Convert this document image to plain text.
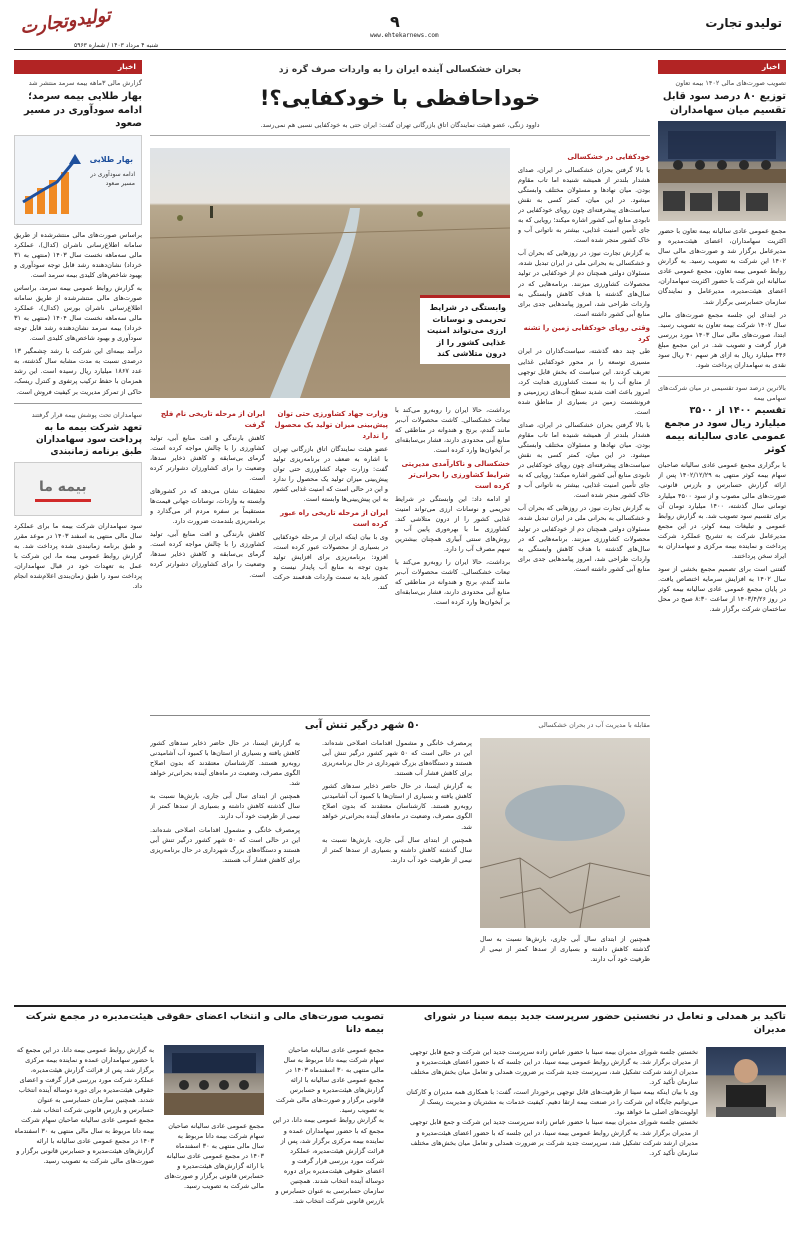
تولیدوتجارت
شنبه ۴ مرداد ۱۴۰۳ / شماره ۵۹۶۳
۹
www.ehtekarnews.com
تولیدو تجارت
اخبار
تصویب صورت‌های مالی ۱۴۰۲ بیمه تعاون
توزیع ۸۰ درصد سود قابل تقسیم میان سهامداران

مجمع عمومی عادی سالیانه بیمه تعاون با حضور اکثریت سهامداران، اعضای هیئت‌مدیره و مدیرعامل برگزار شد و صورت‌های مالی سال ۱۴۰۲ این شرکت به تصویب رسید. به گزارش روابط عمومی بیمه تعاون، مجمع عمومی عادی سالیانه این شرکت با حضور اکثریت سهامداران، اعضای هیئت‌مدیره، مدیرعامل و نمایندگان سازمان حسابرسی برگزار شد.

در ابتدای این جلسه مجمع صورت‌های مالی سال ۱۴۰۲ شرکت بیمه تعاون به تصویب رسید. ابتدا، صورت‌های مالی سال ۱۴۰۳ مورد بررسی قرار گرفت و تصویب شد. در این مجمع مبلغ ۴۴۶ میلیارد ریال به ازای هر سهم ۴۰ ریال سود نقدی به سهامداران پرداخت شود.

بالاترین درصد سود تقسیمی در میان شرکت‌های سهامی بیمه
تقسیم ۱۴۰۰ از ۳۵۰۰ میلیارد ریال سود در مجمع عمومی عادی سالیانه بیمه کوثر

با برگزاری مجمع عمومی عادی سالیانه صاحبان سهام بیمه کوثر منتهی به ۱۴۰۲/۱۲/۲۹ پس از ارائه گزارش حسابرس و بازرس قانونی، صورت‌های مالی مصوب و از سود ۴۵۰۰ میلیارد تومانی سال گذشته، ۱۴۰۰ میلیارد تومان آن برای تقسیم سود تصویب شد. به گزارش روابط عمومی و تبلیغات بیمه کوثر، در این مجمع مدیرعامل شرکت به تشریح عملکرد شرکت پرداخت و نماینده بیمه مرکزی و سهامداران به ایراد سخن پرداختند.

گفتنی است برای تصمیم مجمع بخشی از سود سال ۱۴۰۲ به افزایش سرمایه اختصاص یافت. در پایان مجمع عمومی عادی سالیانه بیمه کوثر در روز ۱۴۰۳/۴/۲۶ از ساعت ۸:۳۰ صبح در محل ساختمان شرکت برگزار شد.

اخبار
گزارش مالی ۳ماهه بیمه سرمد منتشر شد
بهار طلایی بیمه سرمد؛ ادامه سودآوری در مسیر صعود
بهار طلایی
ادامه سودآوری در مسیر صعود

براساس صورت‌های مالی منتشرشده از طریق سامانه اطلاع‌رسانی ناشران (کدال)، عملکرد مالی سه‌ماهه نخست سال ۱۴۰۳ (منتهی به ۳۱ خرداد) نشان‌دهنده رشد قابل توجه سودآوری و بهبود شاخص‌های کلیدی بیمه سرمد است.

به گزارش روابط عمومی بیمه سرمد، براساس صورت‌های مالی منتشرشده از طریق سامانه اطلاع‌رسانی ناشران بورس (کدال)، عملکرد مالی سه‌ماهه نخست سال ۱۴۰۴ (منتهی به ۳۱ خرداد) بیمه سرمد نشان‌دهنده رشد قابل توجه سودآوری و بهبود شاخص‌های کلیدی است.

درآمد بیمه‌ای این شرکت با رشد چشمگیر ۱۳ درصدی نسبت به مدت مشابه سال گذشته، به عدد ۱۸۶۷ میلیارد ریال رسیده است. این رشد همزمان با حفظ ترکیب پرتفوی و کنترل ریسک، حاکی از تمرکز مدیریت بر کیفیت فروش است.

سهامداران تحت پوشش بیمه قرار گرفتند
تعهد شرکت بیمه ما به پرداخت سود سهامداران طبق برنامه زمانبندی
بیمه ما

سود سهامداران شرکت بیمه ما برای عملکرد سال مالی منتهی به اسفند ۱۴۰۳ در موعد مقرر و طبق برنامه زمانبندی شده پرداخت شد. به گزارش روابط عمومی بیمه ما، این شرکت با عمل به تعهدات خود در قبال سهامداران، پرداخت سود را طبق زمان‌بندی اعلام‌شده انجام داد.

بحران خشکسالی آینده ایران را به واردات صرف گره زد
خوداحافظی با خودکفایی؟!
داوود زنگی، عضو هیئت نمایندگان اتاق بازرگانی تهران گفت: ایران حتی به خودکفایی نسبی هم نمی‌رسد.
وابستگی در شرایط تحریمی و نوسانات ارزی می‌تواند امنیت غذایی کشور را از درون متلاشی کند
خودکفایی در خشکسالی

با بالا گرفتن بحران خشکسالی در ایران، صدای هشدار بلندتر از همیشه شنیده اما تاب مقاوم بودن. میان نهادها و مسئولان مختلف وابستگی میشود. در این میان، کمتر کسی به نقش سیاست‌های پیشرفته‌ای چون رویای خودکفایی در نابودی منابع آبی کشور اشاره میکند؛ رویایی که به جای تأمین امنیت غذایی، بیشتر به ناتوانی آب و خاک کشور منجر شده است.

به گزارش تجارت نیوز، در روزهایی که بحران آب و خشکسالی به بحرانی ملی در ایران تبدیل شده، مسئولان دولتی همچنان دم از خودکفایی در تولید محصولات کشاورزی میزنند. برنامه‌هایی که در سال‌های گذشته با هدف کاهش وابستگی به واردات طراحی شد، امروز پیامدهایی جدی برای منابع آبی کشور داشته است.

وقتی رویای خودکفایی زمین را تشنه کرد

طی چند دهه گذشته، سیاست‌گذاران در ایران مسیری توسعه را بر محور خودکفایی غذایی تعریف کردند. این سیاست که بخش قابل توجهی از منابع آب را به سمت کشاورزی هدایت کرد، امروز باعث افت شدید سطح آب‌های زیرزمینی و فرونشست زمین در بسیاری از مناطق شده است.

با بالا گرفتن بحران خشکسالی در ایران، صدای هشدار بلندتر از همیشه شنیده اما تاب مقاوم بودن. میان نهادها و مسئولان مختلف وابستگی میشود. در این میان، کمتر کسی به نقش سیاست‌های پیشرفته‌ای چون رویای خودکفایی در نابودی منابع آبی کشور اشاره میکند؛ رویایی که به جای تأمین امنیت غذایی، بیشتر به ناتوانی آب و خاک کشور منجر شده است.

به گزارش تجارت نیوز، در روزهایی که بحران آب و خشکسالی به بحرانی ملی در ایران تبدیل شده، مسئولان دولتی همچنان دم از خودکفایی در تولید محصولات کشاورزی میزنند. برنامه‌هایی که در سال‌های گذشته با هدف کاهش وابستگی به واردات طراحی شد، امروز پیامدهایی جدی برای منابع آبی کشور داشته است.

برداشت، حالا ایران را روبه‌رو می‌کند با تبعات خشکسالی. کاشت محصولات آب‌بر مانند گندم، برنج و هندوانه در مناطقی که منابع آبی محدودی دارند، فشار بی‌سابقه‌ای بر آبخوان‌ها وارد کرده است.

خشکسالی و ناکارآمدی مدیریتی شرایط کشاورزی را بحرانی‌تر کرده است

او ادامه داد: این وابستگی در شرایط تحریمی و نوسانات ارزی می‌تواند امنیت غذایی کشور را از درون متلاشی کند. کشاورزی ما با بهره‌وری پایین آب و روش‌های سنتی آبیاری همچنان بیشترین سهم مصرف آب را دارد.

برداشت، حالا ایران را روبه‌رو می‌کند با تبعات خشکسالی. کاشت محصولات آب‌بر مانند گندم، برنج و هندوانه در مناطقی که منابع آبی محدودی دارند، فشار بی‌سابقه‌ای بر آبخوان‌ها وارد کرده است.

وزارت جهاد کشاورزی حتی توان پیش‌بینی میزان تولید یک محصول را ندارد

عضو هیئت نمایندگان اتاق بازرگانی تهران با اشاره به ضعف در برنامه‌ریزی تولید گفت: وزارت جهاد کشاورزی حتی توان پیش‌بینی میزان تولید یک محصول را ندارد و این در حالی است که امنیت غذایی کشور به این پیش‌بینی‌ها وابسته است.

ایران از مرحله تاریخی راه عبور کرده است

وی با بیان اینکه ایران از مرحله خودکفایی در بسیاری از محصولات عبور کرده است، افزود: برنامه‌ریزی برای افزایش تولید بدون توجه به منابع آب پایدار نیست و کشور باید به سمت واردات هدفمند حرکت کند.

ایران از مرحله تاریخی نام فلج گرفت

کاهش بارندگی و افت منابع آبی، تولید کشاورزی را با چالش مواجه کرده است. گرمای بی‌سابقه و کاهش ذخایر سدها، وضعیت را برای کشاورزان دشوارتر کرده است.

تحقیقات نشان می‌دهد که در کشورهای وابسته به واردات، نوسانات جهانی قیمت‌ها مستقیماً بر سفره مردم اثر می‌گذارد و برنامه‌ریزی بلندمدت ضرورت دارد.

کاهش بارندگی و افت منابع آبی، تولید کشاورزی را با چالش مواجه کرده است. گرمای بی‌سابقه و کاهش ذخایر سدها، وضعیت را برای کشاورزان دشوارتر کرده است.

مقابله با مدیریت آب در بحران خشکسالی
۵۰ شهر درگیر تنش آبی

پرمصرف خانگی و مشمول اقدامات اصلاحی شده‌اند. این در حالی است که ۵۰ شهر کشور درگیر تنش آبی هستند و دستگاه‌های بزرگ شهرداری در حال برنامه‌ریزی برای کاهش فشار آب هستند.

به گزارش ایسنا، در حال حاضر ذخایر سدهای کشور کاهش یافته و بسیاری از استان‌ها با کمبود آب آشامیدنی روبه‌رو هستند. کارشناسان معتقدند که بدون اصلاح الگوی مصرف، وضعیت در ماه‌های آینده بحرانی‌تر خواهد شد.

همچنین از ابتدای سال آبی جاری، بارش‌ها نسبت به سال گذشته کاهش داشته و بسیاری از سدها کمتر از نیمی از ظرفیت خود آب دارند.

به گزارش ایسنا، در حال حاضر ذخایر سدهای کشور کاهش یافته و بسیاری از استان‌ها با کمبود آب آشامیدنی روبه‌رو هستند. کارشناسان معتقدند که بدون اصلاح الگوی مصرف، وضعیت در ماه‌های آینده بحرانی‌تر خواهد شد.

همچنین از ابتدای سال آبی جاری، بارش‌ها نسبت به سال گذشته کاهش داشته و بسیاری از سدها کمتر از نیمی از ظرفیت خود آب دارند.

پرمصرف خانگی و مشمول اقدامات اصلاحی شده‌اند. این در حالی است که ۵۰ شهر کشور درگیر تنش آبی هستند و دستگاه‌های بزرگ شهرداری در حال برنامه‌ریزی برای کاهش فشار آب هستند.

همچنین از ابتدای سال آبی جاری، بارش‌ها نسبت به سال گذشته کاهش داشته و بسیاری از سدها کمتر از نیمی از ظرفیت خود آب دارند.

تأکید بر همدلی و تعامل در نخستین حضور سرپرست جدید بیمه سینا در شورای مدیران

نخستین جلسه شورای مدیران بیمه سینا با حضور عباس زاده سرپرست جدید این شرکت و جمع قابل توجهی از مدیران برگزار شد. به گزارش روابط عمومی بیمه سینا، در این جلسه که با حضور اعضای هیئت‌مدیره و مدیران ارشد شرکت تشکیل شد، سرپرست جدید شرکت بر ضرورت همدلی و تعامل میان بخش‌های مختلف سازمان تأکید کرد.

وی با بیان اینکه بیمه سینا از ظرفیت‌های قابل توجهی برخوردار است، گفت: با همکاری همه مدیران و کارکنان می‌توانیم جایگاه این شرکت را در صنعت بیمه ارتقا دهیم. کیفیت خدمات به مشتریان و مدیریت ریسک از اولویت‌های اصلی ما خواهد بود.

نخستین جلسه شورای مدیران بیمه سینا با حضور عباس زاده سرپرست جدید این شرکت و جمع قابل توجهی از مدیران برگزار شد. به گزارش روابط عمومی بیمه سینا، در این جلسه که با حضور اعضای هیئت‌مدیره و مدیران ارشد شرکت تشکیل شد، سرپرست جدید شرکت بر ضرورت همدلی و تعامل میان بخش‌های مختلف سازمان تأکید کرد.

تصویب صورت‌های مالی و انتخاب اعضای حقوقی هیئت‌مدیره در مجمع شرکت بیمه دانا

مجمع عمومی عادی سالیانه صاحبان سهام شرکت بیمه دانا مربوط به سال مالی منتهی به ۳۰ اسفندماه ۱۴۰۳ در مجمع عمومی عادی سالیانه با ارائه گزارش‌های هیئت‌مدیره و حسابرس قانونی برگزار و صورت‌های مالی شرکت به تصویب رسید.

به گزارش روابط عمومی بیمه دانا، در این مجمع که با حضور سهامداران عمده و نماینده بیمه مرکزی برگزار شد، پس از قرائت گزارش هیئت‌مدیره، عملکرد شرکت مورد بررسی قرار گرفت و اعضای حقوقی هیئت‌مدیره برای دوره دوساله آینده انتخاب شدند. همچنین سازمان حسابرسی به عنوان حسابرس و بازرس قانونی شرکت انتخاب شد.

به گزارش روابط عمومی بیمه دانا، در این مجمع که با حضور سهامداران عمده و نماینده بیمه مرکزی برگزار شد، پس از قرائت گزارش هیئت‌مدیره، عملکرد شرکت مورد بررسی قرار گرفت و اعضای حقوقی هیئت‌مدیره برای دوره دوساله آینده انتخاب شدند. همچنین سازمان حسابرسی به عنوان حسابرس و بازرس قانونی شرکت انتخاب شد.

مجمع عمومی عادی سالیانه صاحبان سهام شرکت بیمه دانا مربوط به سال مالی منتهی به ۳۰ اسفندماه ۱۴۰۳ در مجمع عمومی عادی سالیانه با ارائه گزارش‌های هیئت‌مدیره و حسابرس قانونی برگزار و صورت‌های مالی شرکت به تصویب رسید.

مجمع عمومی عادی سالیانه صاحبان سهام شرکت بیمه دانا مربوط به سال مالی منتهی به ۳۰ اسفندماه ۱۴۰۳ در مجمع عمومی عادی سالیانه با ارائه گزارش‌های هیئت‌مدیره و حسابرس قانونی برگزار و صورت‌های مالی شرکت به تصویب رسید.
